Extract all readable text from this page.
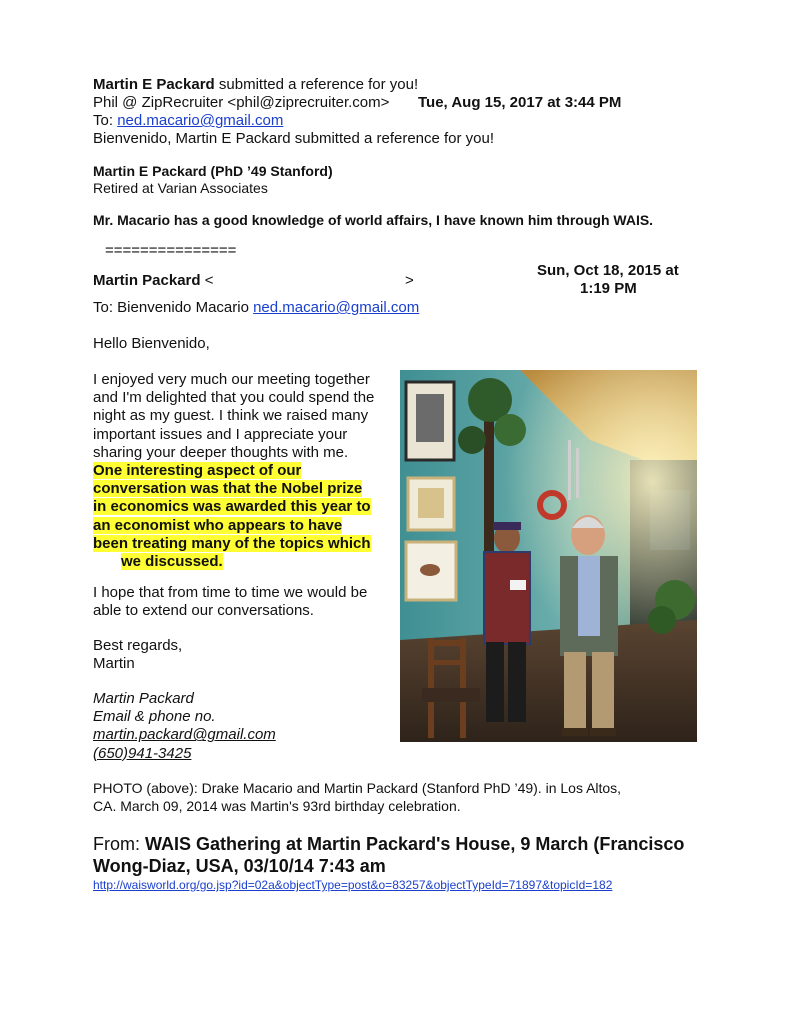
Martin E Packard submitted a reference for you!
Phil @ ZipRecruiter <phil@ziprecruiter.com> Tue, Aug 15, 2017 at 3:44 PM
To: ned.macario@gmail.com
Bienvenido, Martin E Packard submitted a reference for you!
Martin E Packard (PhD ’49 Stanford)
Retired at Varian Associates
Mr. Macario has a good knowledge of world affairs, I have known him through WAIS.
===============
Martin Packard <	>
Sun, Oct 18, 2015 at
1:19 PM
To: Bienvenido Macario ned.macario@gmail.com
Hello Bienvenido,
I enjoyed very much our meeting together
and I'm delighted that you could spend the
night as my guest. I think we raised many
important issues and I appreciate your
sharing your deeper thoughts with me.
One interesting aspect of our
conversation was that the Nobel prize
in economics was awarded this year to
an economist who appears to have
been treating many of the topics which
we discussed.
I hope that from time to time we would be
able to extend our conversations.
Best regards,
Martin
Martin Packard
Email & phone no.
martin.packard@gmail.com
(650)941-3425
PHOTO (above): Drake Macario and Martin Packard (Stanford PhD ’49). in Los Altos,
CA. March 09, 2014 was Martin's 93rd birthday celebration.
From: WAIS Gathering at Martin Packard's House, 9 March (Francisco
Wong-Diaz, USA, 03/10/14 7:43 am
http://waisworld.org/go.jsp?id=02a&objectType=post&o=83257&objectTypeId=71897&topicId=182
